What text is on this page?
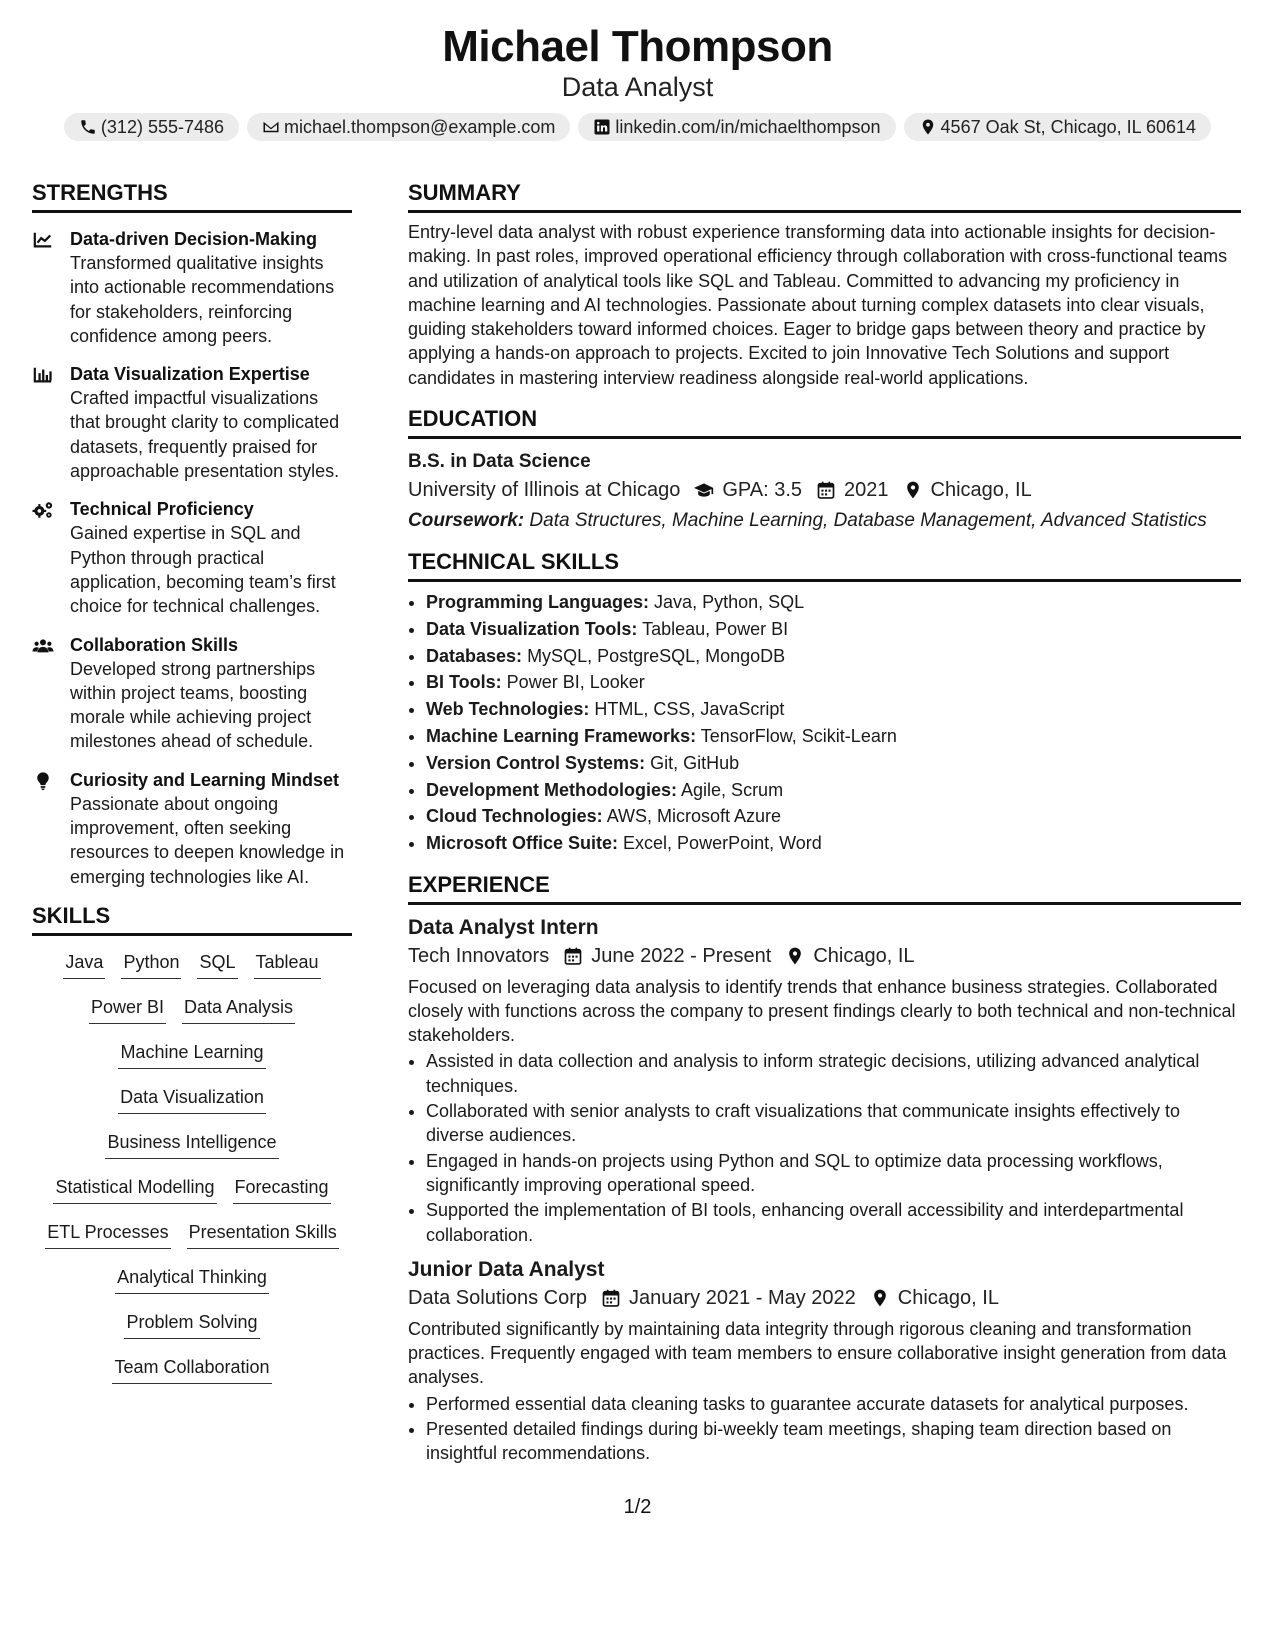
Michael Thompson
Data Analyst
(312) 555-7486	michael.thompson@example.com	linkedin.com/in/michaelthompson	4567 Oak St, Chicago, IL 60614
STRENGTHS
Data-driven Decision-Making
Transformed qualitative insights into actionable recommendations for stakeholders, reinforcing confidence among peers.
Data Visualization Expertise
Crafted impactful visualizations that brought clarity to complicated datasets, frequently praised for approachable presentation styles.
Technical Proficiency
Gained expertise in SQL and Python through practical application, becoming team’s first choice for technical challenges.
Collaboration Skills
Developed strong partnerships within project teams, boosting morale while achieving project milestones ahead of schedule.
Curiosity and Learning Mindset
Passionate about ongoing improvement, often seeking resources to deepen knowledge in emerging technologies like AI.
SKILLS
Java Python SQL Tableau
Power BI Data Analysis
Machine Learning
Data Visualization
Business Intelligence
Statistical Modelling Forecasting
ETL Processes Presentation Skills
Analytical Thinking
Problem Solving
Team Collaboration
SUMMARY
Entry-level data analyst with robust experience transforming data into actionable insights for decision-making. In past roles, improved operational efficiency through collaboration with cross-functional teams and utilization of analytical tools like SQL and Tableau. Committed to advancing my proficiency in machine learning and AI technologies. Passionate about turning complex datasets into clear visuals, guiding stakeholders toward informed choices. Eager to bridge gaps between theory and practice by applying a hands-on approach to projects. Excited to join Innovative Tech Solutions and support candidates in mastering interview readiness alongside real-world applications.
EDUCATION
B.S. in Data Science
University of Illinois at Chicago GPA: 3.5 2021 Chicago, IL
Coursework: Data Structures, Machine Learning, Database Management, Advanced Statistics
TECHNICAL SKILLS
• Programming Languages: Java, Python, SQL
• Data Visualization Tools: Tableau, Power BI
• Databases: MySQL, PostgreSQL, MongoDB
• BI Tools: Power BI, Looker
• Web Technologies: HTML, CSS, JavaScript
• Machine Learning Frameworks: TensorFlow, Scikit-Learn
• Version Control Systems: Git, GitHub
• Development Methodologies: Agile, Scrum
• Cloud Technologies: AWS, Microsoft Azure
• Microsoft Office Suite: Excel, PowerPoint, Word
EXPERIENCE
Data Analyst Intern
Tech Innovators June 2022 - Present Chicago, IL
Focused on leveraging data analysis to identify trends that enhance business strategies. Collaborated closely with functions across the company to present findings clearly to both technical and non-technical stakeholders.
• Assisted in data collection and analysis to inform strategic decisions, utilizing advanced analytical techniques.
• Collaborated with senior analysts to craft visualizations that communicate insights effectively to diverse audiences.
• Engaged in hands-on projects using Python and SQL to optimize data processing workflows, significantly improving operational speed.
• Supported the implementation of BI tools, enhancing overall accessibility and interdepartmental collaboration.
Junior Data Analyst
Data Solutions Corp January 2021 - May 2022 Chicago, IL
Contributed significantly by maintaining data integrity through rigorous cleaning and transformation practices. Frequently engaged with team members to ensure collaborative insight generation from data analyses.
• Performed essential data cleaning tasks to guarantee accurate datasets for analytical purposes.
• Presented detailed findings during bi-weekly team meetings, shaping team direction based on insightful recommendations.
1/2
